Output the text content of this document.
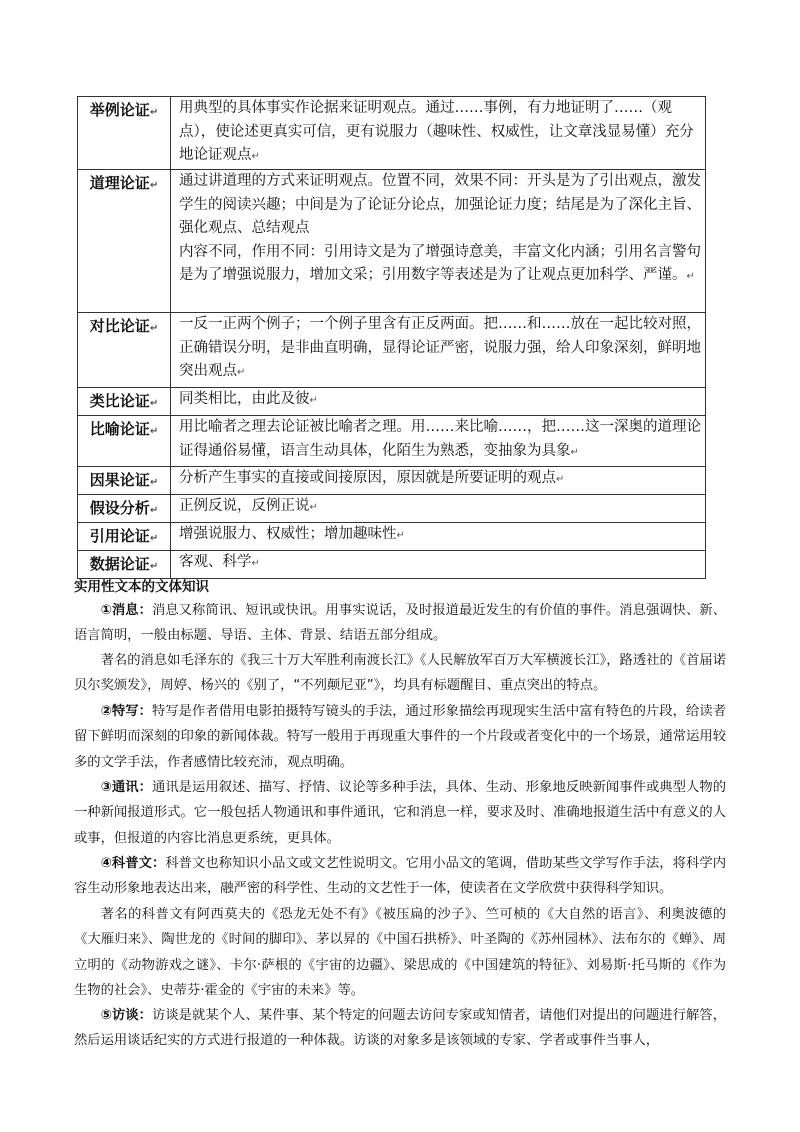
举例论证↵	用典型的具体事实作论据来证明观点。通过……事例，有力地证明了……（观点），使论述更真实可信，更有说服力（趣味性、权威性，让文章浅显易懂）充分地论证观点↵
道理论证↵	通过讲道理的方式来证明观点。位置不同，效果不同：开头是为了引出观点，激发学生的阅读兴趣；中间是为了论证分论点，加强论证力度；结尾是为了深化主旨、强化观点、总结观点
内容不同，作用不同：引用诗文是为了增强诗意美，丰富文化内涵；引用名言警句是为了增强说服力，增加文采；引用数字等表述是为了让观点更加科学、严谨。↵

对比论证↵	一反一正两个例子；一个例子里含有正反两面。把……和……放在一起比较对照，正确错误分明，是非曲直明确，显得论证严密，说服力强，给人印象深刻，鲜明地突出观点↵
类比论证↵	同类相比，由此及彼↵
比喻论证↵	用比喻者之理去论证被比喻者之理。用……来比喻……，把……这一深奥的道理论证得通俗易懂，语言生动具体，化陌生为熟悉，变抽象为具象↵
因果论证↵	分析产生事实的直接或间接原因，原因就是所要证明的观点↵
假设分析↵	正例反说，反例正说↵
引用论证↵	增强说服力、权威性；增加趣味性↵
数据论证↵	客观、科学↵
实用性文本的文体知识
①消息：消息又称简讯、短讯或快讯。用事实说话，及时报道最近发生的有价值的事件。消息强调快、新、语言简明，一般由标题、导语、主体、背景、结语五部分组成。
著名的消息如毛泽东的《我三十万大军胜利南渡长江》《人民解放军百万大军横渡长江》，路透社的《首届诺贝尔奖颁发》，周婷、杨兴的《别了，“不列颠尼亚”》，均具有标题醒目、重点突出的特点。
②特写：特写是作者借用电影拍摄特写镜头的手法，通过形象描绘再现现实生活中富有特色的片段，给读者留下鲜明而深刻的印象的新闻体裁。特写一般用于再现重大事件的一个片段或者变化中的一个场景，通常运用较多的文学手法，作者感情比较充沛，观点明确。
③通讯：通讯是运用叙述、描写、抒情、议论等多种手法，具体、生动、形象地反映新闻事件或典型人物的一种新闻报道形式。它一般包括人物通讯和事件通讯，它和消息一样，要求及时、准确地报道生活中有意义的人或事，但报道的内容比消息更系统，更具体。
④科普文：科普文也称知识小品文或文艺性说明文。它用小品文的笔调，借助某些文学写作手法，将科学内容生动形象地表达出来，融严密的科学性、生动的文艺性于一体，使读者在文学欣赏中获得科学知识。
著名的科普文有阿西莫夫的《恐龙无处不有》《被压扁的沙子》、竺可桢的《大自然的语言》、利奥波德的《大雁归来》、陶世龙的《时间的脚印》、茅以昇的《中国石拱桥》、叶圣陶的《苏州园林》、法布尔的《蝉》、周立明的《动物游戏之谜》、卡尔·萨根的《宇宙的边疆》、梁思成的《中国建筑的特征》、刘易斯·托马斯的《作为生物的社会》、史蒂芬·霍金的《宇宙的未来》等。
⑤访谈：访谈是就某个人、某件事、某个特定的问题去访问专家或知情者，请他们对提出的问题进行解答，然后运用谈话纪实的方式进行报道的一种体裁。访谈的对象多是该领域的专家、学者或事件当事人，
